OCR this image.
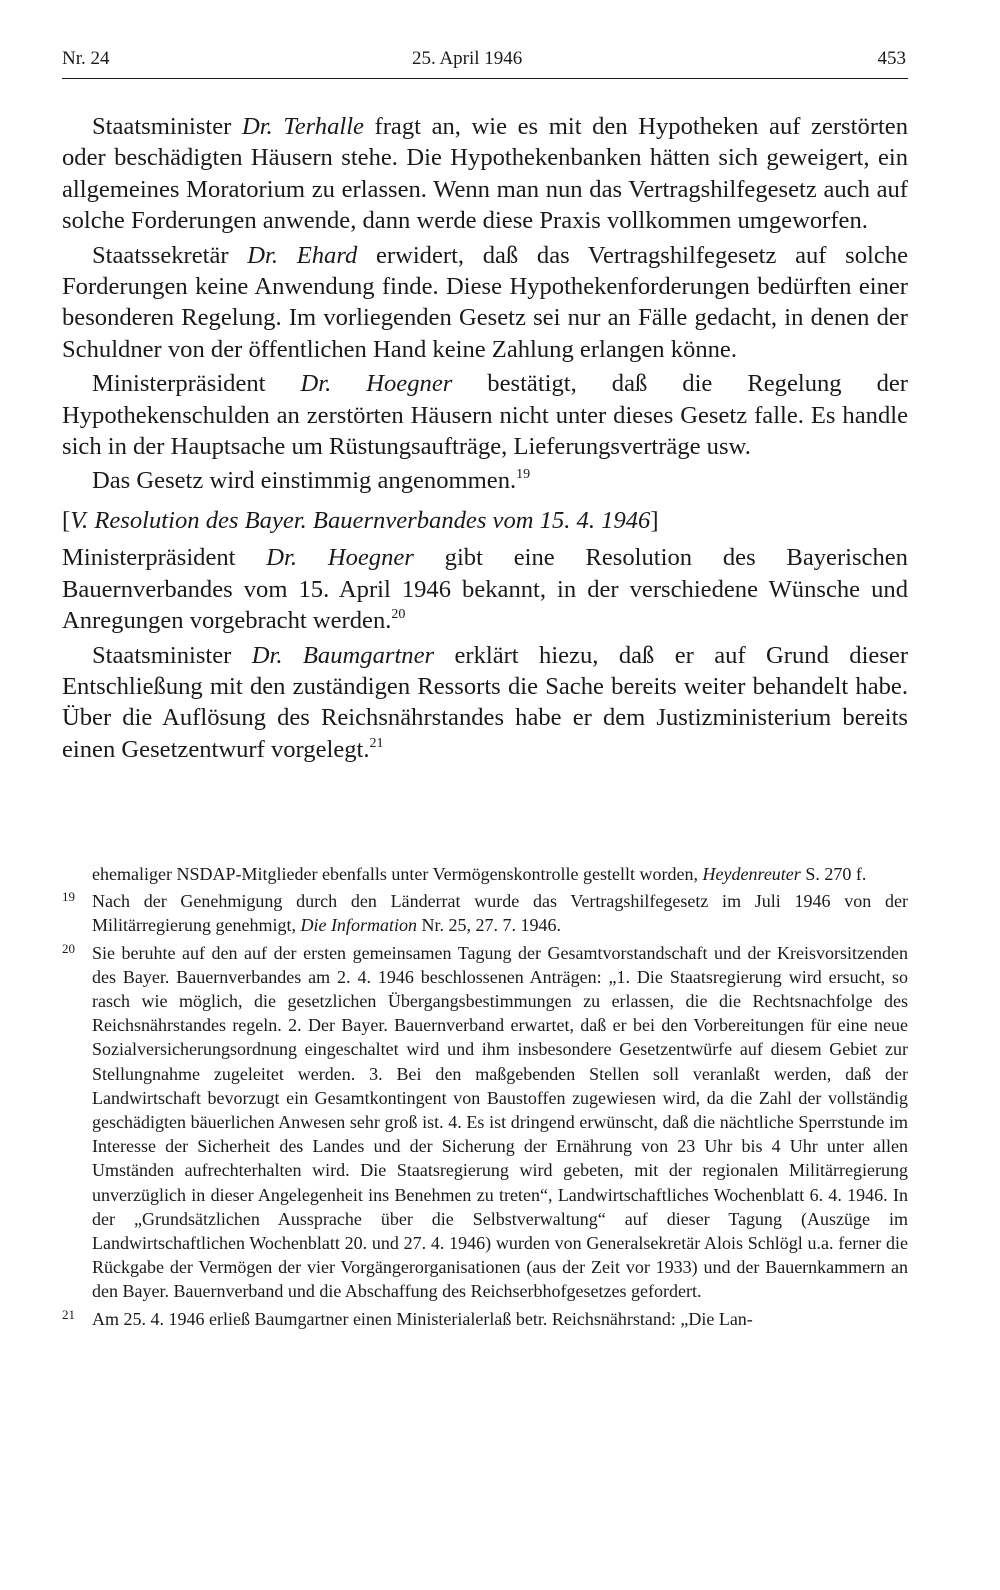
Nr. 24	25. April 1946	453

Staatsminister Dr. Terhalle fragt an, wie es mit den Hypotheken auf zerstörten oder beschädigten Häusern stehe. Die Hypothekenbanken hätten sich geweigert, ein allgemeines Moratorium zu erlassen. Wenn man nun das Vertragshilfegesetz auch auf solche Forderungen anwende, dann werde diese Praxis vollkommen umgeworfen.

Staatssekretär Dr. Ehard erwidert, daß das Vertragshilfegesetz auf solche Forderungen keine Anwendung finde. Diese Hypothekenforderungen bedürften einer besonderen Regelung. Im vorliegenden Gesetz sei nur an Fälle gedacht, in denen der Schuldner von der öffentlichen Hand keine Zahlung erlangen könne.

Ministerpräsident Dr. Hoegner bestätigt, daß die Regelung der Hypothekenschulden an zerstörten Häusern nicht unter dieses Gesetz falle. Es handle sich in der Hauptsache um Rüstungsaufträge, Lieferungsverträge usw.

Das Gesetz wird einstimmig angenommen.$^{19}$

[V. Resolution des Bayer. Bauernverbandes vom 15. 4. 1946]

Ministerpräsident Dr. Hoegner gibt eine Resolution des Bayerischen Bauernverbandes vom 15. April 1946 bekannt, in der verschiedene Wünsche und Anregungen vorgebracht werden.$^{20}$

Staatsminister Dr. Baumgartner erklärt hiezu, daß er auf Grund dieser Entschließung mit den zuständigen Ressorts die Sache bereits weiter behandelt habe. Über die Auflösung des Reichsnährstandes habe er dem Justizministerium bereits einen Gesetzentwurf vorgelegt.$^{21}$

ehemaliger NSDAP-Mitglieder ebenfalls unter Vermögenskontrolle gestellt worden, Heydenreuter S. 270 f.
19 Nach der Genehmigung durch den Länderrat wurde das Vertragshilfegesetz im Juli 1946 von der Militärregierung genehmigt, Die Information Nr. 25, 27. 7. 1946.
20 Sie beruhte auf den auf der ersten gemeinsamen Tagung der Gesamtvorstandschaft und der Kreisvorsitzenden des Bayer. Bauernverbandes am 2. 4. 1946 beschlossenen Anträgen: „1. Die Staatsregierung wird ersucht, so rasch wie möglich, die gesetzlichen Übergangsbestimmungen zu erlassen, die die Rechtsnachfolge des Reichsnährstandes regeln. 2. Der Bayer. Bauernverband erwartet, daß er bei den Vorbereitungen für eine neue Sozialversicherungsordnung eingeschaltet wird und ihm insbesondere Gesetzentwürfe auf diesem Gebiet zur Stellungnahme zugeleitet werden. 3. Bei den maßgebenden Stellen soll veranlaßt werden, daß der Landwirtschaft bevorzugt ein Gesamtkontingent von Baustoffen zugewiesen wird, da die Zahl der vollständig geschädigten bäuerlichen Anwesen sehr groß ist. 4. Es ist dringend erwünscht, daß die nächtliche Sperrstunde im Interesse der Sicherheit des Landes und der Sicherung der Ernährung von 23 Uhr bis 4 Uhr unter allen Umständen aufrechterhalten wird. Die Staatsregierung wird gebeten, mit der regionalen Militärregierung unverzüglich in dieser Angelegenheit ins Benehmen zu treten“, Landwirtschaftliches Wochenblatt 6. 4. 1946. In der „Grundsätzlichen Aussprache über die Selbstverwaltung“ auf dieser Tagung (Auszüge im Landwirtschaftlichen Wochenblatt 20. und 27. 4. 1946) wurden von Generalsekretär Alois Schlögl u.a. ferner die Rückgabe der Vermögen der vier Vorgängerorganisationen (aus der Zeit vor 1933) und der Bauernkammern an den Bayer. Bauernverband und die Abschaffung des Reichserbhofgesetzes gefordert.
21 Am 25. 4. 1946 erließ Baumgartner einen Ministerialerlaß betr. Reichsnährstand: „Die Lan-
